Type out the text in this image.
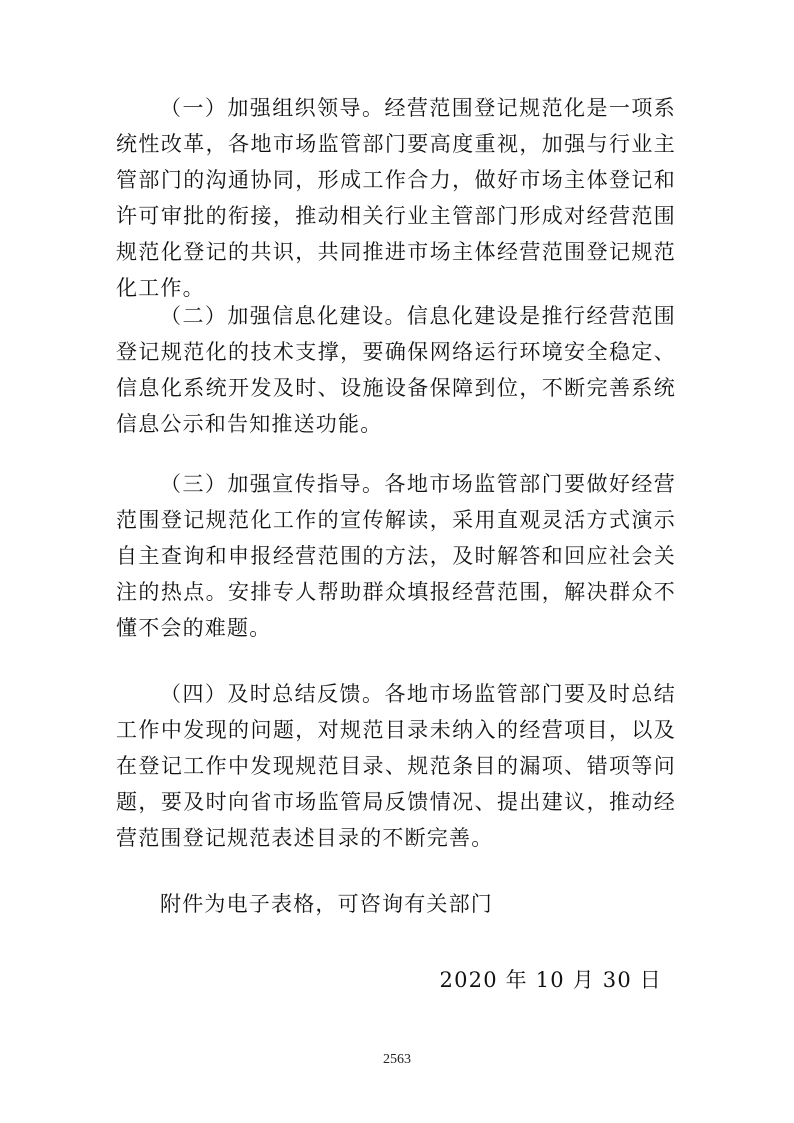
（一）加强组织领导。经营范围登记规范化是一项系统性改革，各地市场监管部门要高度重视，加强与行业主管部门的沟通协同，形成工作合力，做好市场主体登记和许可审批的衔接，推动相关行业主管部门形成对经营范围规范化登记的共识，共同推进市场主体经营范围登记规范化工作。

（二）加强信息化建设。信息化建设是推行经营范围登记规范化的技术支撑，要确保网络运行环境安全稳定、信息化系统开发及时、设施设备保障到位，不断完善系统信息公示和告知推送功能。

（三）加强宣传指导。各地市场监管部门要做好经营范围登记规范化工作的宣传解读，采用直观灵活方式演示自主查询和申报经营范围的方法，及时解答和回应社会关注的热点。安排专人帮助群众填报经营范围，解决群众不懂不会的难题。

（四）及时总结反馈。各地市场监管部门要及时总结工作中发现的问题，对规范目录未纳入的经营项目，以及在登记工作中发现规范目录、规范条目的漏项、错项等问题，要及时向省市场监管局反馈情况、提出建议，推动经营范围登记规范表述目录的不断完善。

附件为电子表格，可咨询有关部门

2020 年 10 月 30 日

2563
